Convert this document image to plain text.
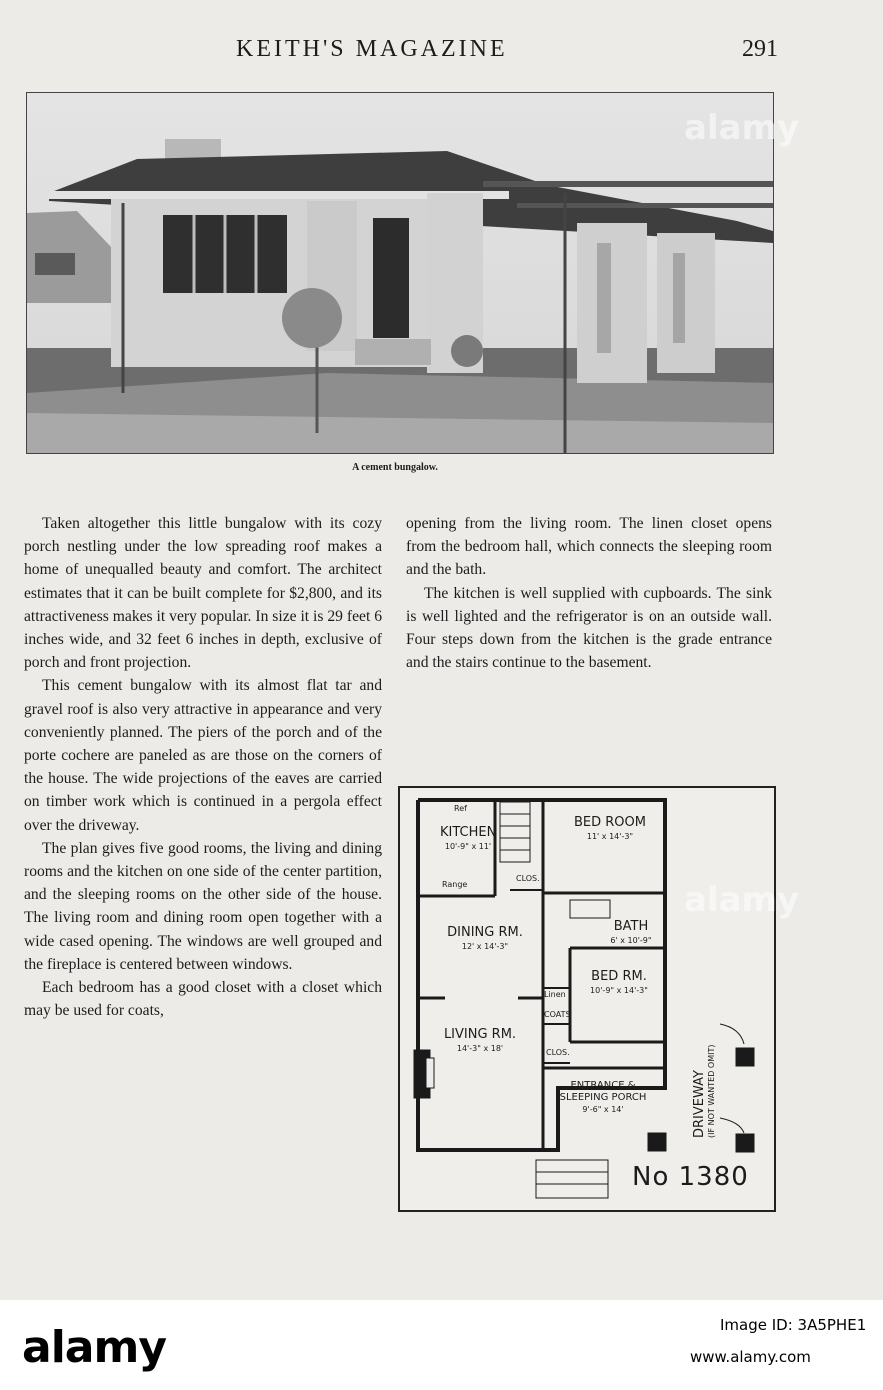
KEITH'S MAGAZINE	291
A cement bungalow.

Taken altogether this little bungalow with its cozy porch nestling under the low spreading roof makes a home of unequalled beauty and comfort. The architect estimates that it can be built complete for $2,800, and its attractiveness makes it very popular. In size it is 29 feet 6 inches wide, and 32 feet 6 inches in depth, exclusive of porch and front projection.

This cement bungalow with its almost flat tar and gravel roof is also very attractive in appearance and very conveniently planned. The piers of the porch and of the porte cochere are paneled as are those on the corners of the house. The wide projections of the eaves are carried on timber work which is continued in a pergola effect over the driveway.

The plan gives five good rooms, the living and dining rooms and the kitchen on one side of the center partition, and the sleeping rooms on the other side of the house. The living room and dining room open together with a wide cased opening. The windows are well grouped and the fireplace is centered between windows.

Each bedroom has a good closet with a closet which may be used for coats,

opening from the living room. The linen closet opens from the bedroom hall, which connects the sleeping room and the bath.

The kitchen is well supplied with cupboards. The sink is well lighted and the refrigerator is on an outside wall. Four steps down from the kitchen is the grade entrance and the stairs continue to the basement.

KITCHEN
10'-9" x 11'
BED ROOM
11' x 14'-3"
BATH
6' x 10'-9"
DINING RM.
12' x 14'-3"
BED RM.
10'-9" x 14'-3"
LIVING RM.
14'-3" x 18'
ENTRANCE &
SLEEPING PORCH
9'-6" x 14'
CLOS.
CLOS.
COATS
Linen
Ref
Range
DRIVEWAY (IF NOT WANTED OMIT)
No 1380
alamy
alamy
alamy	Image ID: 3A5PHE1
www.alamy.com
